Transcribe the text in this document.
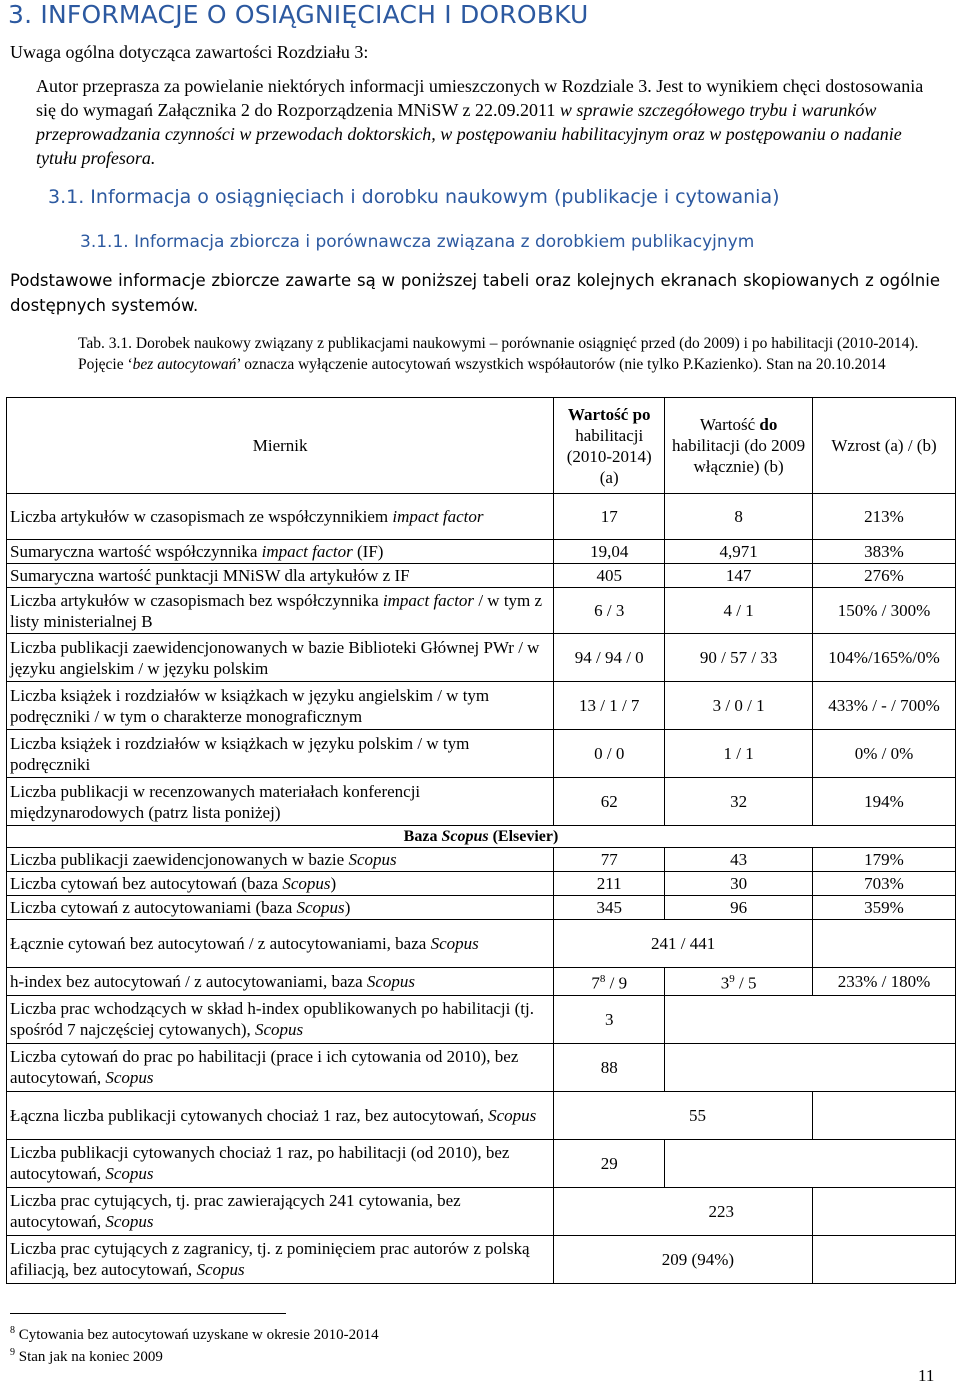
3. INFORMACJE O OSIĄGNIĘCIACH I DOROBKU
Uwaga ogólna dotycząca zawartości Rozdziału 3:
Autor przeprasza za powielanie niektórych informacji umieszczonych w Rozdziale 3. Jest to wynikiem chęci dostosowania się do wymagań Załącznika 2 do Rozporządzenia MNiSW z 22.09.2011 w sprawie szczegółowego trybu i warunków przeprowadzania czynności w przewodach doktorskich, w postępowaniu habilitacyjnym oraz w postępowaniu o nadanie tytułu profesora.
3.1. Informacja o osiągnięciach i dorobku naukowym (publikacje i cytowania)
3.1.1. Informacja zbiorcza i porównawcza związana z dorobkiem publikacyjnym
Podstawowe informacje zbiorcze zawarte są w poniższej tabeli oraz kolejnych ekranach skopiowanych z ogólnie dostępnych systemów.
Tab. 3.1. Dorobek naukowy związany z publikacjami naukowymi – porównanie osiągnięć przed (do 2009) i po habilitacji (2010-2014). Pojęcie ‘bez autocytowań’ oznacza wyłączenie autocytowań wszystkich współautorów (nie tylko P.Kazienko). Stan na 20.10.2014
Miernik	Wartość po habilitacji (2010-2014) (a)	Wartość do habilitacji (do 2009 włącznie) (b)	Wzrost (a) / (b)
Liczba artykułów w czasopismach ze współczynnikiem impact factor	17	8	213%
Sumaryczna wartość współczynnika impact factor (IF)	19,04	4,971	383%
Sumaryczna wartość punktacji MNiSW dla artykułów z IF	405	147	276%
Liczba artykułów w czasopismach bez współczynnika impact factor / w tym z listy ministerialnej B	6 / 3	4 / 1	150% / 300%
Liczba publikacji zaewidencjonowanych w bazie Biblioteki Głównej PWr / w języku angielskim / w języku polskim	94 / 94 / 0	90 / 57 / 33	104%/165%/0%
Liczba książek i rozdziałów w książkach w języku angielskim / w tym podręczniki / w tym o charakterze monograficznym	13 / 1 / 7	3 / 0 / 1	433% / - / 700%
Liczba książek i rozdziałów w książkach w języku polskim / w tym podręczniki	0 / 0	1 / 1	0% / 0%
Liczba publikacji w recenzowanych materiałach konferencji międzynarodowych (patrz lista poniżej)	62	32	194%
Baza Scopus (Elsevier)			
Liczba publikacji zaewidencjonowanych w bazie Scopus	77	43	179%
Liczba cytowań bez autocytowań (baza Scopus)	211	30	703%
Liczba cytowań z autocytowaniami (baza Scopus)	345	96	359%
Łącznie cytowań bez autocytowań / z autocytowaniami, baza Scopus	241 / 441		
h-index bez autocytowań / z autocytowaniami, baza Scopus	$7^8 / 9$	$3^9 / 5$	233% / 180%
Liczba prac wchodzących w skład h-index opublikowanych po habilitacji (tj. spośród 7 najczęściej cytowanych), Scopus	3		
Liczba cytowań do prac po habilitacji (prace i ich cytowania od 2010), bez autocytowań, Scopus	88		
Łączna liczba publikacji cytowanych chociaż 1 raz, bez autocytowań, Scopus	55		
Liczba publikacji cytowanych chociaż 1 raz, po habilitacji (od 2010), bez autocytowań, Scopus	29		
Liczba prac cytujących, tj. prac zawierających 241 cytowania, bez autocytowań, Scopus	223		
Liczba prac cytujących z zagranicy, tj. z pominięciem prac autorów z polską afiliacją, bez autocytowań, Scopus	209 (94%)		
$^8$ Cytowania bez autocytowań uzyskane w okresie 2010-2014
$^9$ Stan jak na koniec 2009
11
